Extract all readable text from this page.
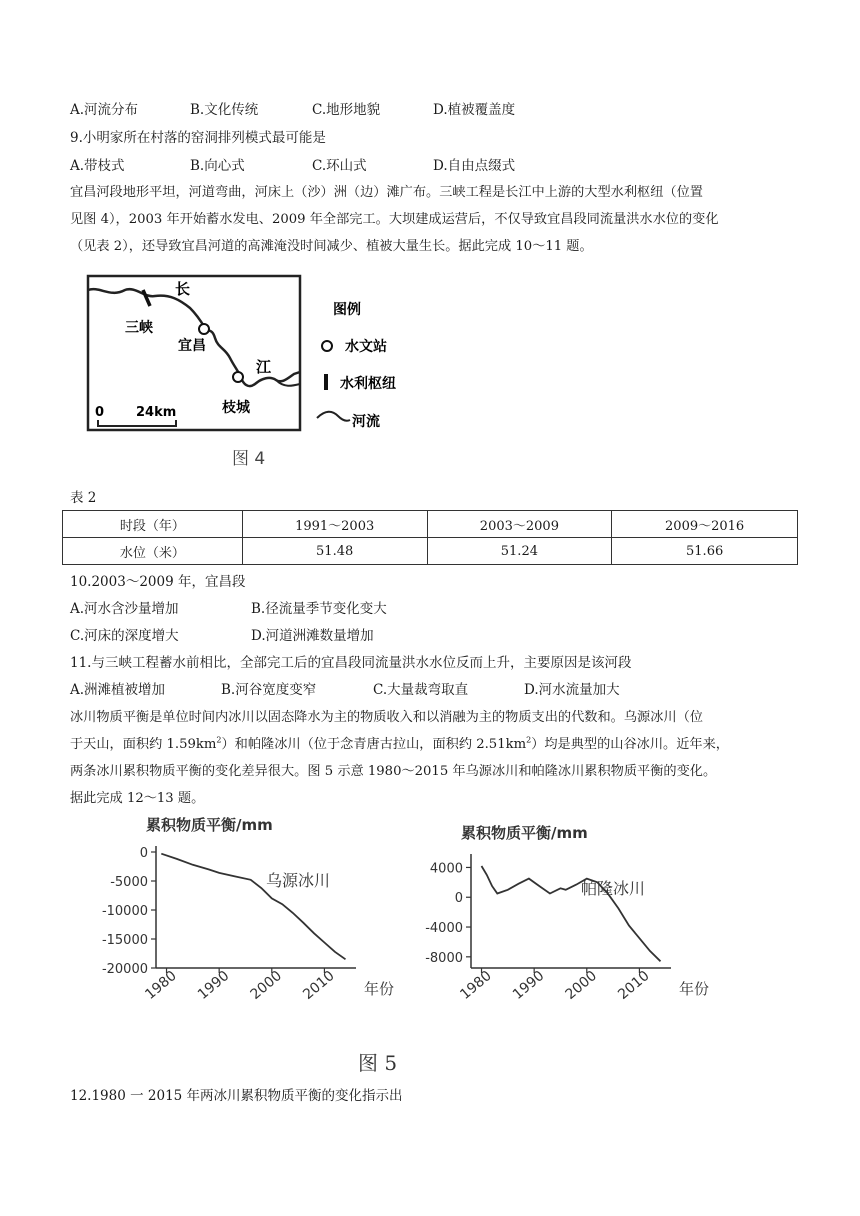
A.河流分布	B.文化传统	C.地形地貌	D.植被覆盖度
9.小明家所在村落的窑洞排列模式最可能是
A.带枝式	B.向心式	C.环山式	D.自由点缀式
宜昌河段地形平坦，河道弯曲，河床上（沙）洲（边）滩广布。三峡工程是长江中上游的大型水利枢纽（位置
见图 4），2003 年开始蓄水发电、2009 年全部完工。大坝建成运营后，不仅导致宜昌段同流量洪水水位的变化
（见表 2），还导致宜昌河道的高滩淹没时间减少、植被大量生长。据此完成 10～11 题。
长
三峡
宜昌
江
枝城
0 24km
图例
水文站
水利枢纽
河流
图 4
表 2
时段（年）	1991～2003	2003～2009	2009～2016
水位（米）	51.48	51.24	51.66
10.2003～2009 年，宜昌段
A.河水含沙量增加	B.径流量季节变化变大
C.河床的深度增大	D.河道洲滩数量增加
11.与三峡工程蓄水前相比，全部完工后的宜昌段同流量洪水水位反而上升，主要原因是该河段
A.洲滩植被增加	B.河谷宽度变窄	C.大量裁弯取直	D.河水流量加大
冰川物质平衡是单位时间内冰川以固态降水为主的物质收入和以消融为主的物质支出的代数和。乌源冰川（位
于天山，面积约 $1.59km^2$）和帕隆冰川（位于念青唐古拉山，面积约 $2.51km^2$）均是典型的山谷冰川。近年来，
两条冰川累积物质平衡的变化差异很大。图 5 示意 1980～2015 年乌源冰川和帕隆冰川累积物质平衡的变化。
据此完成 12～13 题。
累积物质平衡/mm
0
-5000
-10000
-15000
-20000
1980 1990 2000 2010 年份
乌源冰川
累积物质平衡/mm
4000
0
-4000
-8000
1980 1990 2000 2010 年份
帕隆冰川
图 5
12.1980 一 2015 年两冰川累积物质平衡的变化指示出
